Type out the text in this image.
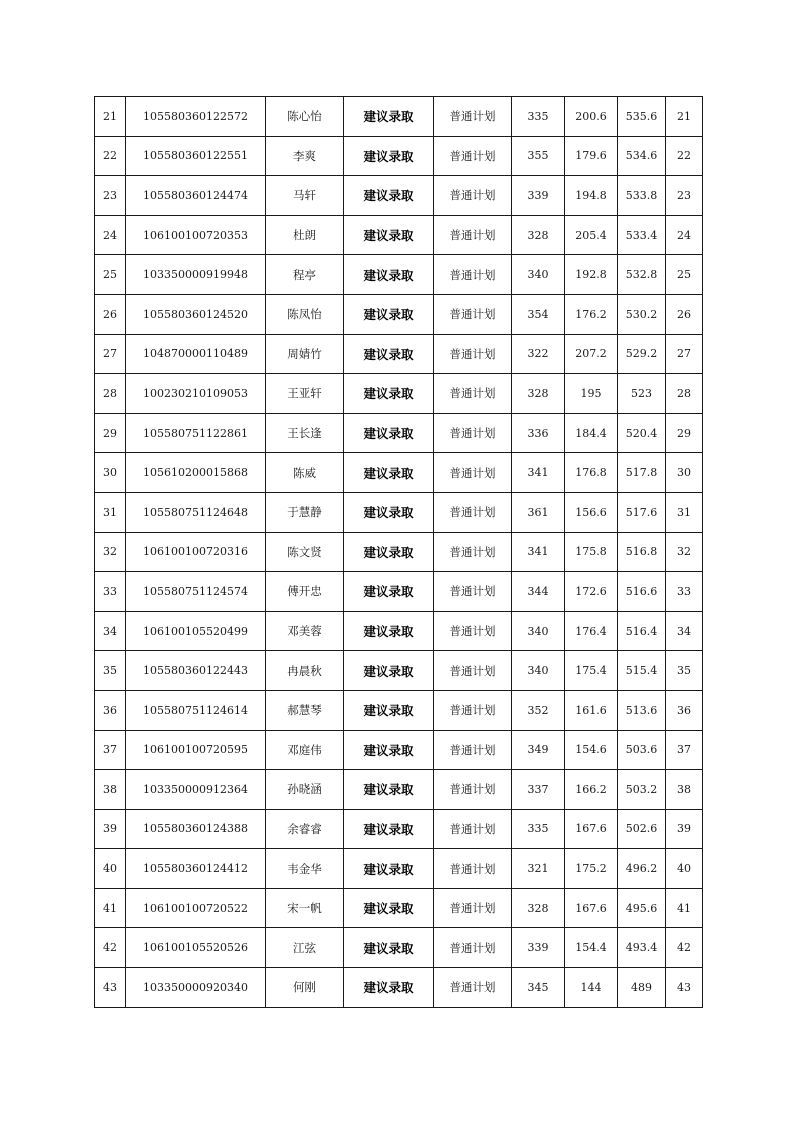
21	105580360122572	陈心怡	建议录取	普通计划	335	200.6	535.6	21
22	105580360122551	李爽	建议录取	普通计划	355	179.6	534.6	22
23	105580360124474	马轩	建议录取	普通计划	339	194.8	533.8	23
24	106100100720353	杜朗	建议录取	普通计划	328	205.4	533.4	24
25	103350000919948	程亭	建议录取	普通计划	340	192.8	532.8	25
26	105580360124520	陈凤怡	建议录取	普通计划	354	176.2	530.2	26
27	104870000110489	周婧竹	建议录取	普通计划	322	207.2	529.2	27
28	100230210109053	王亚轩	建议录取	普通计划	328	195	523	28
29	105580751122861	王长逢	建议录取	普通计划	336	184.4	520.4	29
30	105610200015868	陈威	建议录取	普通计划	341	176.8	517.8	30
31	105580751124648	于慧静	建议录取	普通计划	361	156.6	517.6	31
32	106100100720316	陈文贤	建议录取	普通计划	341	175.8	516.8	32
33	105580751124574	傅开忠	建议录取	普通计划	344	172.6	516.6	33
34	106100105520499	邓美蓉	建议录取	普通计划	340	176.4	516.4	34
35	105580360122443	冉晨秋	建议录取	普通计划	340	175.4	515.4	35
36	105580751124614	郝慧琴	建议录取	普通计划	352	161.6	513.6	36
37	106100100720595	邓庭伟	建议录取	普通计划	349	154.6	503.6	37
38	103350000912364	孙晓涵	建议录取	普通计划	337	166.2	503.2	38
39	105580360124388	余睿睿	建议录取	普通计划	335	167.6	502.6	39
40	105580360124412	韦金华	建议录取	普通计划	321	175.2	496.2	40
41	106100100720522	宋一帆	建议录取	普通计划	328	167.6	495.6	41
42	106100105520526	江弦	建议录取	普通计划	339	154.4	493.4	42
43	103350000920340	何刚	建议录取	普通计划	345	144	489	43
